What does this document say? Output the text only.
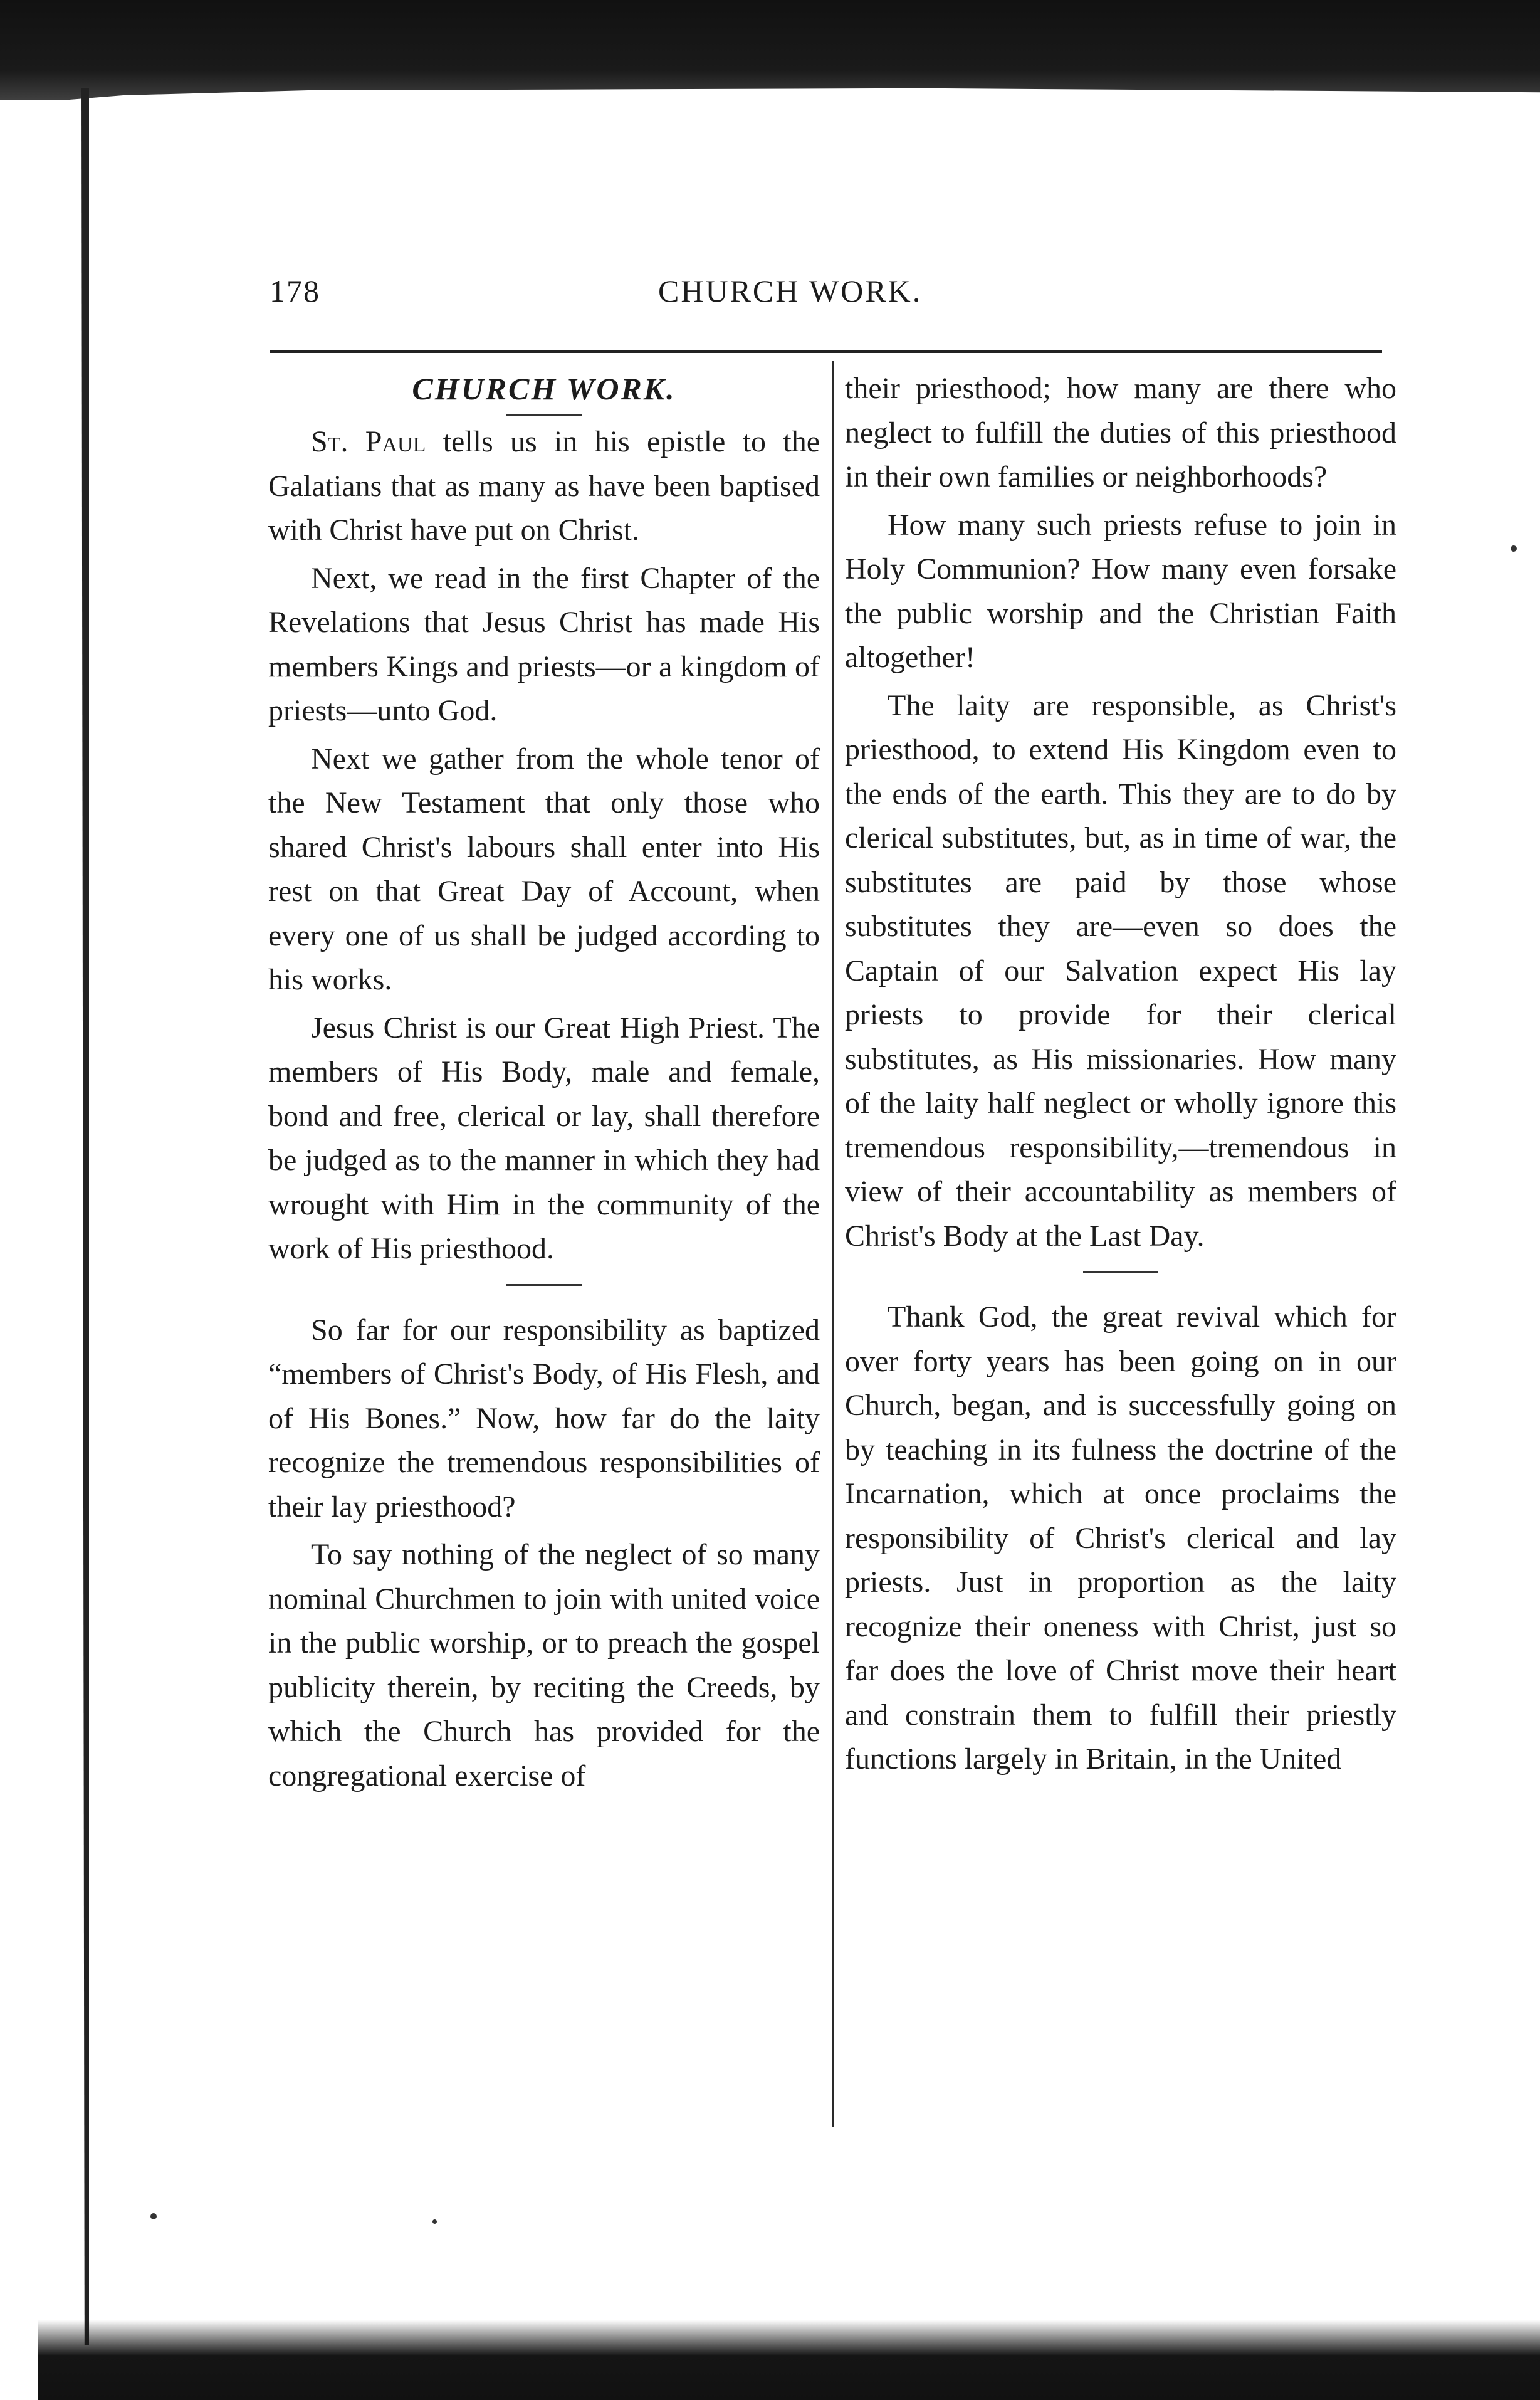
178	CHURCH WORK.
CHURCH WORK.

St. Paul tells us in his epistle to the Galatians that as many as have been baptised with Christ have put on Christ.

Next, we read in the first Chapter of the Revelations that Jesus Christ has made His members Kings and priests—or a kingdom of priests—unto God.

Next we gather from the whole tenor of the New Testament that only those who shared Christ's labours shall enter into His rest on that Great Day of Account, when every one of us shall be judged according to his works.

Jesus Christ is our Great High Priest. The members of His Body, male and female, bond and free, clerical or lay, shall therefore be judged as to the manner in which they had wrought with Him in the community of the work of His priesthood.

So far for our responsibility as baptized “members of Christ's Body, of His Flesh, and of His Bones.” Now, how far do the laity recognize the tremendous responsibilities of their lay priesthood?

To say nothing of the neglect of so many nominal Churchmen to join with united voice in the public worship, or to preach the gospel publicity therein, by reciting the Creeds, by which the Church has provided for the congregational exercise of

their priesthood; how many are there who neglect to fulfill the duties of this priesthood in their own families or neighborhoods?

How many such priests refuse to join in Holy Communion? How many even forsake the public worship and the Christian Faith altogether!

The laity are responsible, as Christ's priesthood, to extend His Kingdom even to the ends of the earth. This they are to do by clerical substitutes, but, as in time of war, the substitutes are paid by those whose substitutes they are—even so does the Captain of our Salvation expect His lay priests to provide for their clerical substitutes, as His missionaries. How many of the laity half neglect or wholly ignore this tremendous responsibility,—tremendous in view of their accountability as members of Christ's Body at the Last Day.

Thank God, the great revival which for over forty years has been going on in our Church, began, and is successfully going on by teaching in its fulness the doctrine of the Incarnation, which at once proclaims the responsibility of Christ's clerical and lay priests. Just in proportion as the laity recognize their oneness with Christ, just so far does the love of Christ move their heart and constrain them to fulfill their priestly functions largely in Britain, in the United
